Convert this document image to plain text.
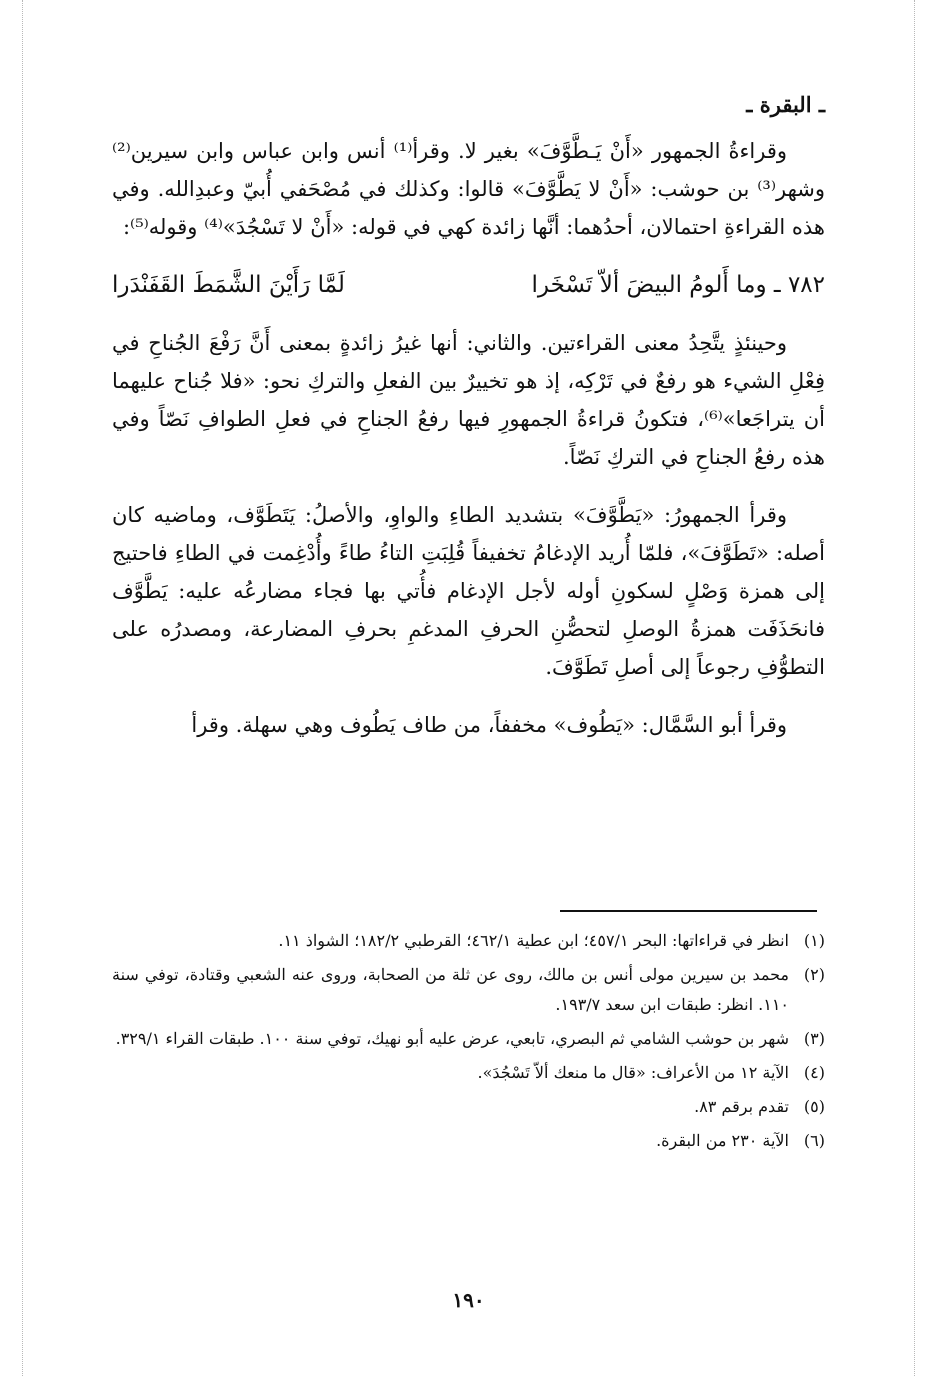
ـ البقرة ـ

وقراءةُ الجمهور «أَنْ يَـطَّوَّفَ» بغير لا. وقرأ⁽¹⁾ أنس وابن عباس وابن سيرين⁽²⁾ وشهر⁽³⁾ بن حوشب: «أَنْ لا يَطَّوَّفَ» قالوا: وكذلك في مُصْحَفي أُبيّ وعبدِالله. وفي هذه القراءةِ احتمالان، أحدُهما: أنَّها زائدة كهي في قوله: «أَنْ لا تَسْجُدَ»⁽⁴⁾ وقوله⁽⁵⁾:

٧٨٢ ـ وما أَلومُ البيضَ ألاّ تَسْخَرا
لَمَّا رَأَيْنَ الشَّمَطَ القَفَنْدَرا

وحينئذٍ يتَّحِدُ معنى القراءتين. والثاني: أنها غيرُ زائدةٍ بمعنى أَنَّ رَفْعَ الجُناحِ في فِعْلِ الشيء هو رفعٌ في تَرْكِه، إذ هو تخييرٌ بين الفعلِ والتركِ نحو: «فلا جُناح عليهما أن يتراجَعا»⁽⁶⁾، فتكونُ قراءةُ الجمهورِ فيها رفعُ الجناحِ في فعلِ الطوافِ نَصّاً وفي هذه رفعُ الجناحِ في التركِ نَصّاً.

وقرأ الجمهورُ: «يَطَّوَّفَ» بتشديد الطاءِ والواوِ، والأصلُ: يَتَطَوَّف، وماضيه كان أصله: «تَطَوَّفَ»، فلمّا أُريد الإدغامُ تخفيفاً قُلِبَتِ التاءُ طاءً وأُدْغِمت في الطاءِ فاحتيج إلى همزة وَصْلٍ لسكونِ أوله لأجل الإدغام فأُتي بها فجاء مضارعُه عليه: يَطَّوَّف فانحَذَفَت همزةُ الوصلِ لتحصُّنِ الحرفِ المدغمِ بحرفِ المضارعة، ومصدرُه على التطوُّفِ رجوعاً إلى أصلِ تَطَوَّفَ.

وقرأ أبو السَّمَّال: «يَطُوف» مخففاً، من طاف يَطُوف وهي سهلة. وقرأ

(١)
انظر في قراءاتها: البحر ٤٥٧/١؛ ابن عطية ٤٦٢/١؛ القرطبي ١٨٢/٢؛ الشواذ ١١.
(٢)
محمد بن سيرين مولى أنس بن مالك، روى عن ثلة من الصحابة، وروى عنه الشعبي وقتادة، توفي سنة ١١٠. انظر: طبقات ابن سعد ١٩٣/٧.
(٣)
شهر بن حوشب الشامي ثم البصري، تابعي، عرض عليه أبو نهيك، توفي سنة ١٠٠. طبقات القراء ٣٢٩/١.
(٤)
الآية ١٢ من الأعراف: «قال ما منعك ألاّ تَسْجُدَ».
(٥)
تقدم برقم ٨٣.
(٦)
الآية ٢٣٠ من البقرة.
١٩٠
